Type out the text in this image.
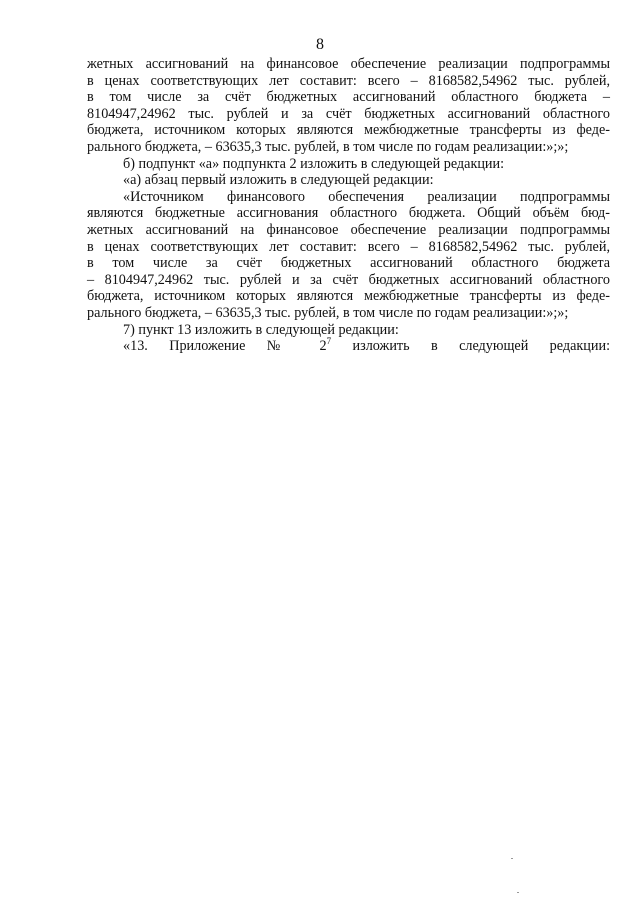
8
жетных ассигнований на финансовое обеспечение реализации подпрограммы
в ценах соответствующих лет составит: всего – 8168582,54962 тыс. рублей,
в том числе за счёт бюджетных ассигнований областного бюджета –
8104947,24962 тыс. рублей и за счёт бюджетных ассигнований областного
бюджета, источником которых являются межбюджетные трансферты из феде-
рального бюджета, – 63635,3 тыс. рублей, в том числе по годам реализации:»;»;
б) подпункт «а» подпункта 2 изложить в следующей редакции:
«а) абзац первый изложить в следующей редакции:
«Источником финансового обеспечения реализации подпрограммы
являются бюджетные ассигнования областного бюджета. Общий объём бюд-
жетных ассигнований на финансовое обеспечение реализации подпрограммы
в ценах соответствующих лет составит: всего – 8168582,54962 тыс. рублей,
в том числе за счёт бюджетных ассигнований областного бюджета
– 8104947,24962 тыс. рублей и за счёт бюджетных ассигнований областного
бюджета, источником которых являются межбюджетные трансферты из феде-
рального бюджета, – 63635,3 тыс. рублей, в том числе по годам реализации:»;»;
7) пункт 13 изложить в следующей редакции:
«13. Приложение № $2^7$ изложить в следующей редакции:
